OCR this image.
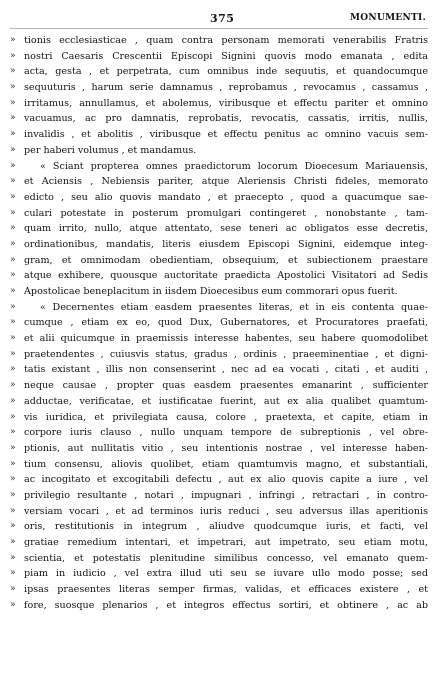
375	MONUMENTI.
» tionis ecclesiasticae , quam contra personam memorati venerabilis Fratris
» nostri Caesaris Crescentii Episcopi Signini quovis modo emanata , edita
» acta, gesta , et perpetrata, cum omnibus inde sequutis, et quandocumque
» sequuturis , harum serie damnamus , reprobamus , revocamus , cassamus ,
» irritamus, annullamus, et abolemus, viribusque et effectu pariter et omnino
» vacuamus, ac pro damnatis, reprobatis, revocatis, cassatis, irritis, nullis,
» invalidis , et abolitis , viribusque et effectu penitus ac omnino vacuis sem-
» per haberi volumus , et mandamus.
»	« Sciant propterea omnes praedictorum locorum Dioecesum Mariauensis,
» et Aciensis , Nebiensis pariter, atque Aleriensis Christi fideles, memorato
» edicto , seu alio quovis mandato , et praecepto , quod a quacumque sae-
» culari potestate in posterum promulgari contingeret , nonobstante , tam-
» quam irrito, nullo, atque attentato, sese teneri ac obligatos esse decretis,
» ordinationibus, mandatis, literis eiusdem Episcopi Signini, eidemque integ-
» gram, et omnimodam obedientiam, obsequium, et subiectionem praestare
» atque exhibere, quousque auctoritate praedicta Apostolici Visitatori ad Sedis
» Apostolicae beneplacitum in iisdem Dioecesibus eum commorari opus fuerit.
»	« Decernentes etiam easdem praesentes literas, et in eis contenta quae-
» cumque , etiam ex eo, quod Dux, Gubernatores, et Procuratores praefati,
» et alii quicumque in praemissis interesse habentes, seu habere quomodolibet
» praetendentes , cuiusvis status, gradus , ordinis , praeeminentiae , et digni-
» tatis existant , illis non consenserint , nec ad ea vocati , citati , et auditi ,
» neque causae , propter quas easdem praesentes emanarint , sufficienter
» adductae, verificatae, et iustificatae fuerint, aut ex alia qualibet quamtum-
» vis iuridica, et privilegiata causa, colore , praetexta, et capite, etiam in
» corpore iuris clauso , nullo unquam tempore de subreptionis , vel obre-
» ptionis, aut nullitatis vitio , seu intentionis nostrae , vel interesse haben-
» tium consensu, aliovis quolibet, etiam quamtumvis magno, et substantiali,
» ac incogitato et excogitabili defectu , aut ex alio quovis capite a iure , vel
» privilegio resultante , notari , impugnari , infringi , retractari , in contro-
» versiam vocari , et ad terminos iuris reduci , seu adversus illas aperitionis
» oris, restitutionis in integrum , aliudve quodcumque iuris, et facti, vel
» gratiae remedium intentari, et impetrari, aut impetrato, seu etiam motu,
» scientia, et potestatis plenitudine similibus concesso, vel emanato quem-
» piam in iudicio , vel extra illud uti seu se iuvare ullo modo posse; sed
» ipsas praesentes literas semper firmas, validas, et efficaces existere , et
» fore, suosque plenarios , et integros effectus sortiri, et obtinere , ac ab
